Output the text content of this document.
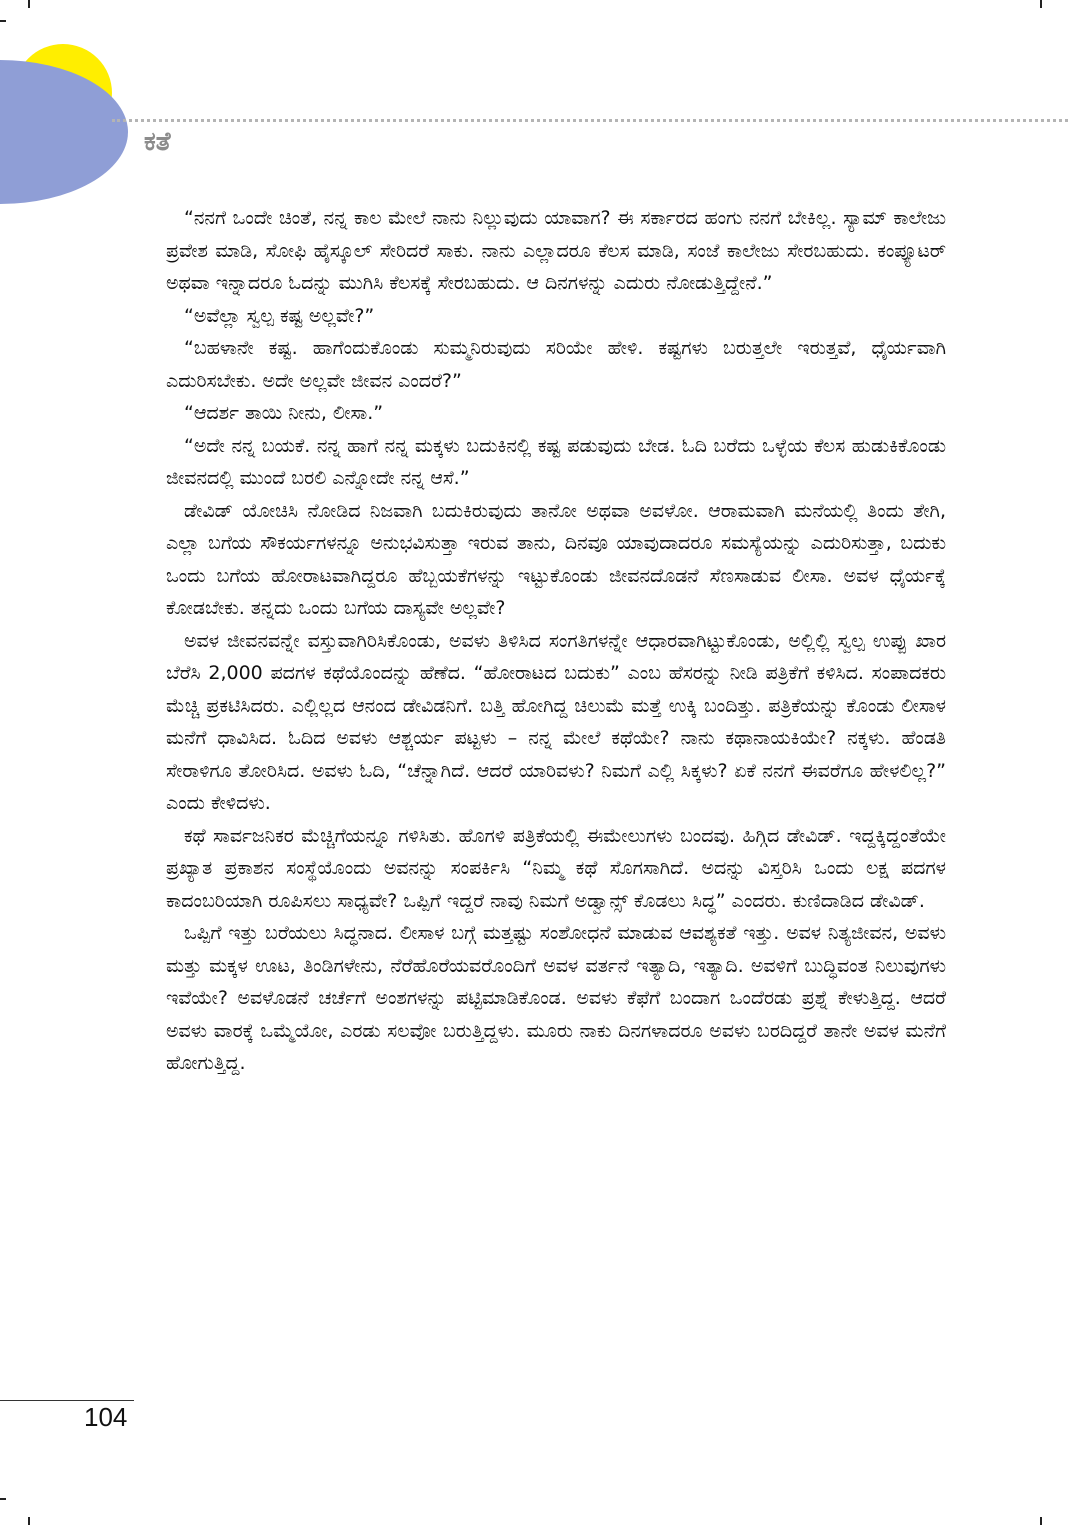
ಕತೆ

“ನನಗೆ ಒಂದೇ ಚಿಂತೆ, ನನ್ನ ಕಾಲ ಮೇಲೆ ನಾನು ನಿಲ್ಲುವುದು ಯಾವಾಗ? ಈ ಸರ್ಕಾರದ ಹಂಗು ನನಗೆ ಬೇಕಿಲ್ಲ. ಸ್ಯಾಮ್ ಕಾಲೇಜು ಪ್ರವೇಶ ಮಾಡಿ, ಸೋಫಿ ಹೈಸ್ಕೂಲ್ ಸೇರಿದರೆ ಸಾಕು. ನಾನು ಎಲ್ಲಾದರೂ ಕೆಲಸ ಮಾಡಿ, ಸಂಜೆ ಕಾಲೇಜು ಸೇರಬಹುದು. ಕಂಪ್ಯೂಟರ್ ಅಥವಾ ಇನ್ನಾದರೂ ಓದನ್ನು ಮುಗಿಸಿ ಕೆಲಸಕ್ಕೆ ಸೇರಬಹುದು. ಆ ದಿನಗಳನ್ನು ಎದುರು ನೋಡುತ್ತಿದ್ದೇನೆ.”

“ಅವೆಲ್ಲಾ ಸ್ವಲ್ಪ ಕಷ್ಟ ಅಲ್ಲವೇ?”

“ಬಹಳಾನೇ ಕಷ್ಟ. ಹಾಗೆಂದುಕೊಂಡು ಸುಮ್ಮನಿರುವುದು ಸರಿಯೇ ಹೇಳಿ. ಕಷ್ಟಗಳು ಬರುತ್ತಲೇ ಇರುತ್ತವೆ, ಧೈರ್ಯವಾಗಿ ಎದುರಿಸಬೇಕು. ಅದೇ ಅಲ್ಲವೇ ಜೀವನ ಎಂದರೆ?”

“ಆದರ್ಶ ತಾಯಿ ನೀನು, ಲೀಸಾ.”

“ಅದೇ ನನ್ನ ಬಯಕೆ. ನನ್ನ ಹಾಗೆ ನನ್ನ ಮಕ್ಕಳು ಬದುಕಿನಲ್ಲಿ ಕಷ್ಟ ಪಡುವುದು ಬೇಡ. ಓದಿ ಬರೆದು ಒಳ್ಳೆಯ ಕೆಲಸ ಹುಡುಕಿಕೊಂಡು ಜೀವನದಲ್ಲಿ ಮುಂದೆ ಬರಲಿ ಎನ್ನೋದೇ ನನ್ನ ಆಸೆ.”

ಡೇವಿಡ್ ಯೋಚಿಸಿ ನೋಡಿದ ನಿಜವಾಗಿ ಬದುಕಿರುವುದು ತಾನೋ ಅಥವಾ ಅವಳೋ. ಆರಾಮವಾಗಿ ಮನೆಯಲ್ಲಿ ತಿಂದು ತೇಗಿ, ಎಲ್ಲಾ ಬಗೆಯ ಸೌಕರ್ಯಗಳನ್ನೂ ಅನುಭವಿಸುತ್ತಾ ಇರುವ ತಾನು, ದಿನವೂ ಯಾವುದಾದರೂ ಸಮಸ್ಯೆಯನ್ನು ಎದುರಿಸುತ್ತಾ, ಬದುಕು ಒಂದು ಬಗೆಯ ಹೋರಾಟವಾಗಿದ್ದರೂ ಹೆಬ್ಬಯಕೆಗಳನ್ನು ಇಟ್ಟುಕೊಂಡು ಜೀವನದೊಡನೆ ಸೆಣಸಾಡುವ ಲೀಸಾ. ಅವಳ ಧೈರ್ಯಕ್ಕೆ ಕೋಡಬೇಕು. ತನ್ನದು ಒಂದು ಬಗೆಯ ದಾಸ್ಯವೇ ಅಲ್ಲವೇ?

ಅವಳ ಜೀವನವನ್ನೇ ವಸ್ತುವಾಗಿರಿಸಿಕೊಂಡು, ಅವಳು ತಿಳಿಸಿದ ಸಂಗತಿಗಳನ್ನೇ ಆಧಾರವಾಗಿಟ್ಟುಕೊಂಡು, ಅಲ್ಲಿಲ್ಲಿ ಸ್ವಲ್ಪ ಉಪ್ಪು ಖಾರ ಬೆರೆಸಿ 2,000 ಪದಗಳ ಕಥೆಯೊಂದನ್ನು ಹೆಣೆದ. “ಹೋರಾಟದ ಬದುಕು” ಎಂಬ ಹೆಸರನ್ನು ನೀಡಿ ಪತ್ರಿಕೆಗೆ ಕಳಿಸಿದ. ಸಂಪಾದಕರು ಮೆಚ್ಚಿ ಪ್ರಕಟಿಸಿದರು. ಎಲ್ಲಿಲ್ಲದ ಆನಂದ ಡೇವಿಡನಿಗೆ. ಬತ್ತಿ ಹೋಗಿದ್ದ ಚಿಲುಮೆ ಮತ್ತೆ ಉಕ್ಕಿ ಬಂದಿತ್ತು. ಪತ್ರಿಕೆಯನ್ನು ಕೊಂಡು ಲೀಸಾಳ ಮನೆಗೆ ಧಾವಿಸಿದ. ಓದಿದ ಅವಳು ಆಶ್ಚರ್ಯ ಪಟ್ಟಳು – ನನ್ನ ಮೇಲೆ ಕಥೆಯೇ? ನಾನು ಕಥಾನಾಯಕಿಯೇ? ನಕ್ಕಳು. ಹೆಂಡತಿ ಸೇರಾಳಿಗೂ ತೋರಿಸಿದ. ಅವಳು ಓದಿ, “ಚೆನ್ನಾಗಿದೆ. ಆದರೆ ಯಾರಿವಳು? ನಿಮಗೆ ಎಲ್ಲಿ ಸಿಕ್ಕಳು? ಏಕೆ ನನಗೆ ಈವರೆಗೂ ಹೇಳಲಿಲ್ಲ?” ಎಂದು ಕೇಳಿದಳು.

ಕಥೆ ಸಾರ್ವಜನಿಕರ ಮೆಚ್ಚಿಗೆಯನ್ನೂ ಗಳಿಸಿತು. ಹೊಗಳಿ ಪತ್ರಿಕೆಯಲ್ಲಿ ಈಮೇಲುಗಳು ಬಂದವು. ಹಿಗ್ಗಿದ ಡೇವಿಡ್. ಇದ್ದಕ್ಕಿದ್ದಂತೆಯೇ ಪ್ರಖ್ಯಾತ ಪ್ರಕಾಶನ ಸಂಸ್ಥೆಯೊಂದು ಅವನನ್ನು ಸಂಪರ್ಕಿಸಿ “ನಿಮ್ಮ ಕಥೆ ಸೊಗಸಾಗಿದೆ. ಅದನ್ನು ವಿಸ್ತರಿಸಿ ಒಂದು ಲಕ್ಷ ಪದಗಳ ಕಾದಂಬರಿಯಾಗಿ ರೂಪಿಸಲು ಸಾಧ್ಯವೇ? ಒಪ್ಪಿಗೆ ಇದ್ದರೆ ನಾವು ನಿಮಗೆ ಅಡ್ವಾನ್ಸ್ ಕೊಡಲು ಸಿದ್ಧ” ಎಂದರು. ಕುಣಿದಾಡಿದ ಡೇವಿಡ್.

ಒಪ್ಪಿಗೆ ಇತ್ತು ಬರೆಯಲು ಸಿದ್ಧನಾದ. ಲೀಸಾಳ ಬಗ್ಗೆ ಮತ್ತಷ್ಟು ಸಂಶೋಧನೆ ಮಾಡುವ ಆವಶ್ಯಕತೆ ಇತ್ತು. ಅವಳ ನಿತ್ಯಜೀವನ, ಅವಳು ಮತ್ತು ಮಕ್ಕಳ ಊಟ, ತಿಂಡಿಗಳೇನು, ನೆರೆಹೊರೆಯವರೊಂದಿಗೆ ಅವಳ ವರ್ತನೆ ಇತ್ಯಾದಿ, ಇತ್ಯಾದಿ. ಅವಳಿಗೆ ಬುದ್ಧಿವಂತ ನಿಲುವುಗಳು ಇವೆಯೇ? ಅವಳೊಡನೆ ಚರ್ಚೆಗೆ ಅಂಶಗಳನ್ನು ಪಟ್ಟಿಮಾಡಿಕೊಂಡ. ಅವಳು ಕೆಫೆಗೆ ಬಂದಾಗ ಒಂದೆರಡು ಪ್ರಶ್ನೆ ಕೇಳುತ್ತಿದ್ದ. ಆದರೆ ಅವಳು ವಾರಕ್ಕೆ ಒಮ್ಮೆಯೋ, ಎರಡು ಸಲವೋ ಬರುತ್ತಿದ್ದಳು. ಮೂರು ನಾಕು ದಿನಗಳಾದರೂ ಅವಳು ಬರದಿದ್ದರೆ ತಾನೇ ಅವಳ ಮನೆಗೆ ಹೋಗುತ್ತಿದ್ದ.

104
